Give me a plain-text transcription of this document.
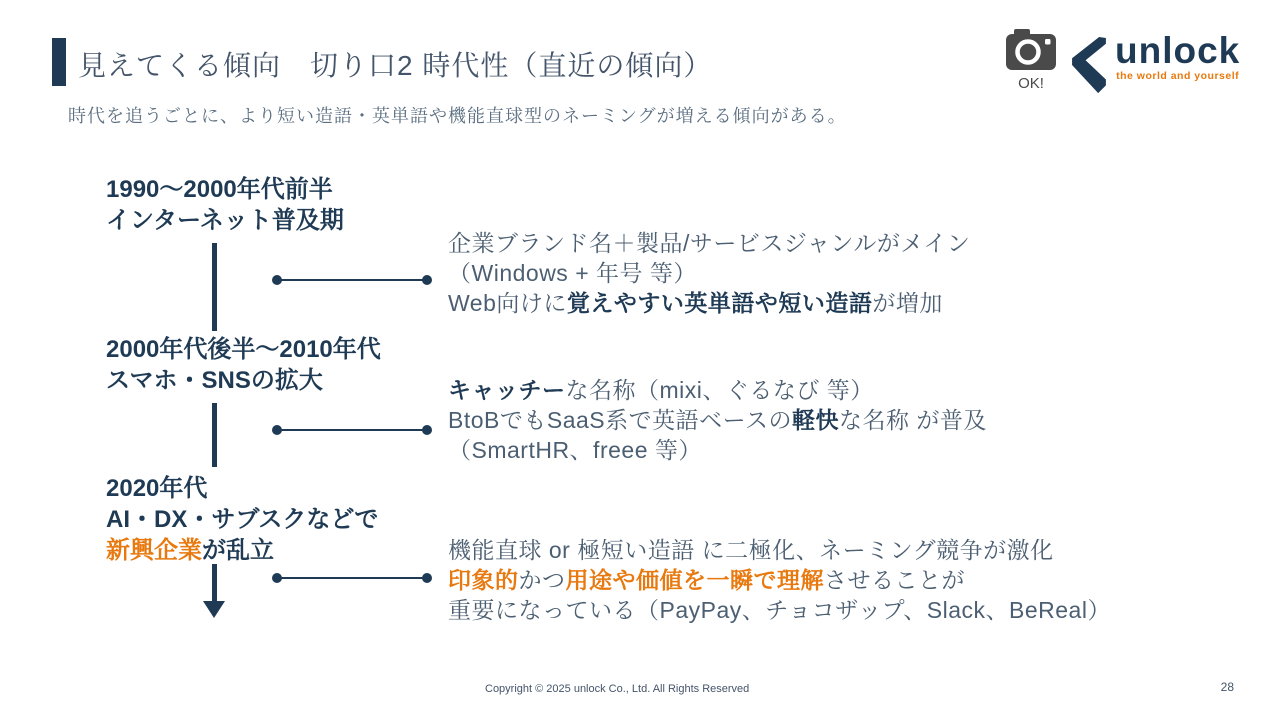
見えてくる傾向　切り口2 時代性（直近の傾向）

時代を追うごとに、より短い造語・英単語や機能直球型のネーミングが増える傾向がある。

OK!
unlock
the world and yourself
1990〜2000年代前半
インターネット普及期
2000年代後半〜2010年代
スマホ・SNSの拡大
2020年代
AI・DX・サブスクなどで
新興企業が乱立
企業ブランド名＋製品/サービスジャンルがメイン
（Windows + 年号 等）
Web向けに覚えやすい英単語や短い造語が増加
キャッチーな名称（mixi、ぐるなび 等）
BtoBでもSaaS系で英語ベースの軽快な名称 が普及
（SmartHR、freee 等）
機能直球 or 極短い造語 に二極化、ネーミング競争が激化
印象的かつ用途や価値を一瞬で理解させることが
重要になっている（PayPay、チョコザップ、Slack、BeReal）
Copyright © 2025 unlock Co., Ltd. All Rights Reserved	28
